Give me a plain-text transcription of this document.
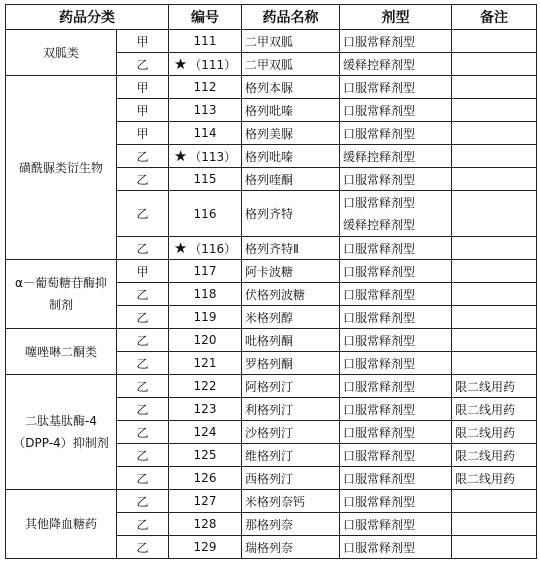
药品分类		编号	药品名称	剂型	备注
双胍类	甲	111	二甲双胍	口服常释剂型	

	乙	★ （111）	二甲双胍	缓释控释剂型	

磺酰脲类衍生物	甲	112	格列本脲	口服常释剂型	

	甲	113	格列吡嗪	口服常释剂型	

	甲	114	格列美脲	口服常释剂型	

	乙	★ （113）	格列吡嗪	缓释控释剂型	

	乙	115	格列喹酮	口服常释剂型	

	乙	116	格列齐特	口服常释剂型
缓释控释剂型	

	乙	★ （116）	格列齐特Ⅱ	口服常释剂型	

α－葡萄糖苷酶抑制剂	甲	117	阿卡波糖	口服常释剂型	

	乙	118	伏格列波糖	口服常释剂型	

	乙	119	米格列醇	口服常释剂型	

噻唑啉二酮类	乙	120	吡格列酮	口服常释剂型	

	乙	121	罗格列酮	口服常释剂型	

二肽基肽酶-4（DPP-4）抑制剂	乙	122	阿格列汀	口服常释剂型	限二线用药
	乙	123	利格列汀	口服常释剂型	限二线用药
	乙	124	沙格列汀	口服常释剂型	限二线用药
	乙	125	维格列汀	口服常释剂型	限二线用药
	乙	126	西格列汀	口服常释剂型	限二线用药
其他降血糖药	乙	127	米格列奈钙	口服常释剂型	

	乙	128	那格列奈	口服常释剂型	

	乙	129	瑞格列奈	口服常释剂型	
